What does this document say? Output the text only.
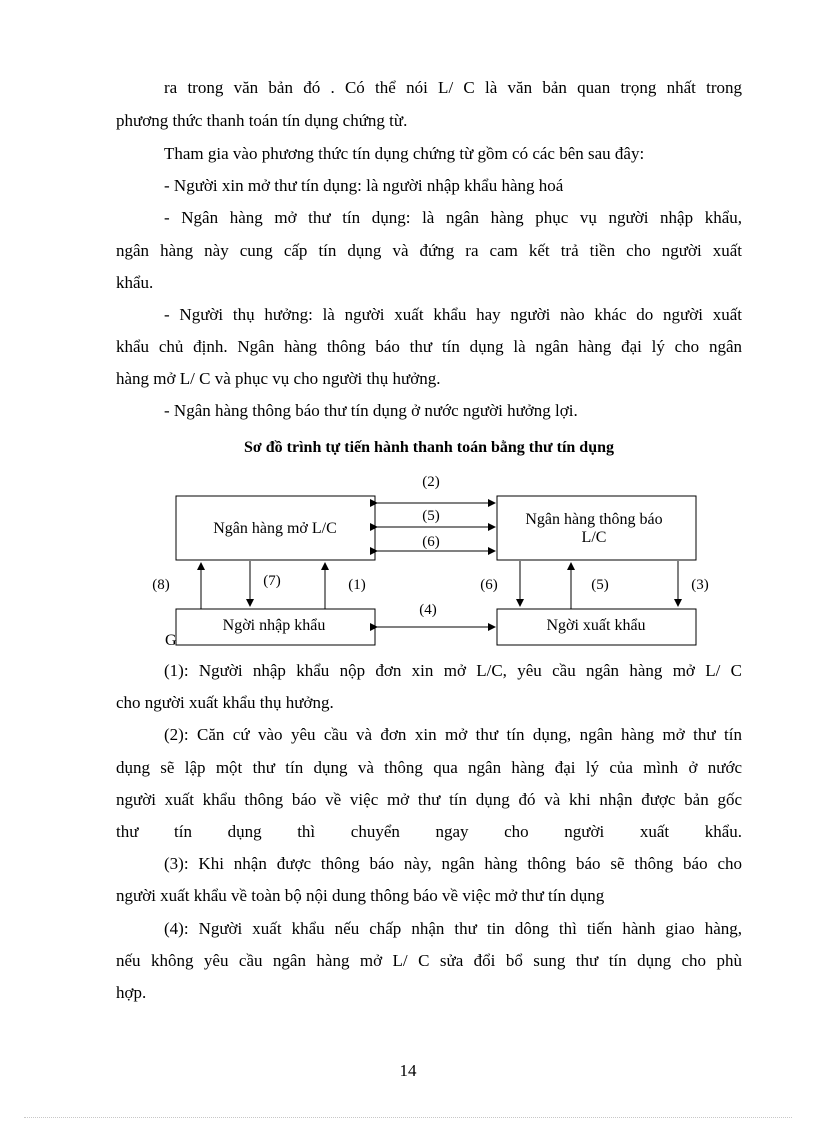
ra trong văn bản đó . Có thể nói L/ C là văn bản quan trọng nhất trong
phương thức thanh toán tín dụng chứng từ.
Tham gia vào phương thức tín dụng chứng từ gồm có các bên sau đây:
- Người xin mở thư tín dụng: là người nhập khẩu hàng hoá
- Ngân hàng mở thư tín dụng: là ngân hàng phục vụ người nhập khẩu,
ngân hàng này cung cấp tín dụng và đứng ra cam kết trả tiền cho người xuất
khẩu.
- Người thụ hưởng: là người xuất khẩu hay người nào khác do người xuất
khẩu chủ định. Ngân hàng thông báo thư tín dụng là ngân hàng đại lý cho ngân
hàng mở L/ C và phục vụ cho người thụ hưởng.
- Ngân hàng thông báo thư tín dụng ở nước người hưởng lợi.
Sơ đồ trình tự tiến hành thanh toán bằng thư tín dụng
Ngân hàng mở L/C
Ngân hàng thông báo
L/C
Ngời nhập khẩu	Ngời xuất khẩu
(2)
(5)
(6)
(8)	(7)	(1)
(4)
(6)	(5)	(3)
G
(1): Người nhập khẩu nộp đơn xin mở L/C, yêu cầu ngân hàng mở L/ C
cho người xuất khẩu thụ hưởng.
(2): Căn cứ vào yêu cầu và đơn xin mở thư tín dụng, ngân hàng mở thư tín
dụng sẽ lập một thư tín dụng và thông qua ngân hàng đại lý của mình ở nước
người xuất khẩu thông báo về việc mở thư tín dụng đó và khi nhận được bản gốc
thư tín dụng thì chuyển ngay cho người xuất khẩu.
(3): Khi nhận được thông báo này, ngân hàng thông báo sẽ thông báo cho
người xuất khẩu về toàn bộ nội dung thông báo về việc mở thư tín dụng
(4): Người xuất khẩu nếu chấp nhận thư tin dông thì tiến hành giao hàng,
nếu không yêu cầu ngân hàng mở L/ C sửa đổi bổ sung thư tín dụng cho phù
hợp.
14
